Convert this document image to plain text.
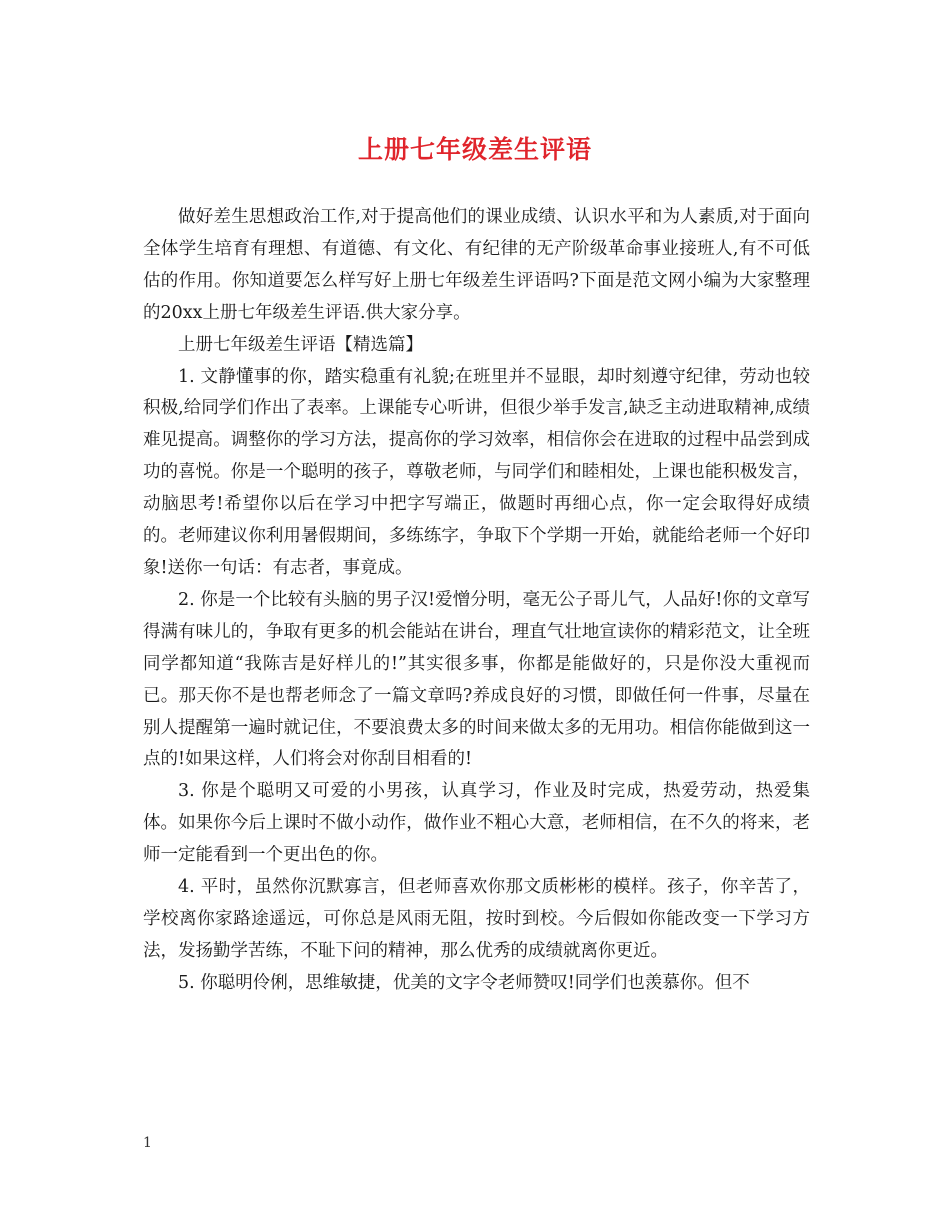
上册七年级差生评语

做好差生思想政治工作,对于提高他们的课业成绩、认识水平和为人素质,对于面向全体学生培育有理想、有道德、有文化、有纪律的无产阶级革命事业接班人,有不可低估的作用。你知道要怎么样写好上册七年级差生评语吗?下面是范文网小编为大家整理的20xx上册七年级差生评语.供大家分享。

上册七年级差生评语【精选篇】

1. 文静懂事的你，踏实稳重有礼貌;在班里并不显眼，却时刻遵守纪律，劳动也较积极,给同学们作出了表率。上课能专心听讲，但很少举手发言,缺乏主动进取精神,成绩难见提高。调整你的学习方法，提高你的学习效率，相信你会在进取的过程中品尝到成功的喜悦。你是一个聪明的孩子，尊敬老师，与同学们和睦相处，上课也能积极发言，动脑思考!希望你以后在学习中把字写端正，做题时再细心点，你一定会取得好成绩的。老师建议你利用暑假期间，多练练字，争取下个学期一开始，就能给老师一个好印象!送你一句话：有志者，事竟成。

2. 你是一个比较有头脑的男子汉!爱憎分明，毫无公子哥儿气，人品好!你的文章写得满有味儿的，争取有更多的机会能站在讲台，理直气壮地宣读你的精彩范文，让全班同学都知道“我陈吉是好样儿的!”其实很多事，你都是能做好的，只是你没大重视而已。那天你不是也帮老师念了一篇文章吗?养成良好的习惯，即做任何一件事，尽量在别人提醒第一遍时就记住，不要浪费太多的时间来做太多的无用功。相信你能做到这一点的!如果这样，人们将会对你刮目相看的!

3. 你是个聪明又可爱的小男孩，认真学习，作业及时完成，热爱劳动，热爱集体。如果你今后上课时不做小动作，做作业不粗心大意，老师相信，在不久的将来，老师一定能看到一个更出色的你。

4. 平时，虽然你沉默寡言，但老师喜欢你那文质彬彬的模样。孩子，你辛苦了，学校离你家路途遥远，可你总是风雨无阻，按时到校。今后假如你能改变一下学习方法，发扬勤学苦练，不耻下问的精神，那么优秀的成绩就离你更近。

5. 你聪明伶俐，思维敏捷，优美的文字令老师赞叹!同学们也羡慕你。但不

1
